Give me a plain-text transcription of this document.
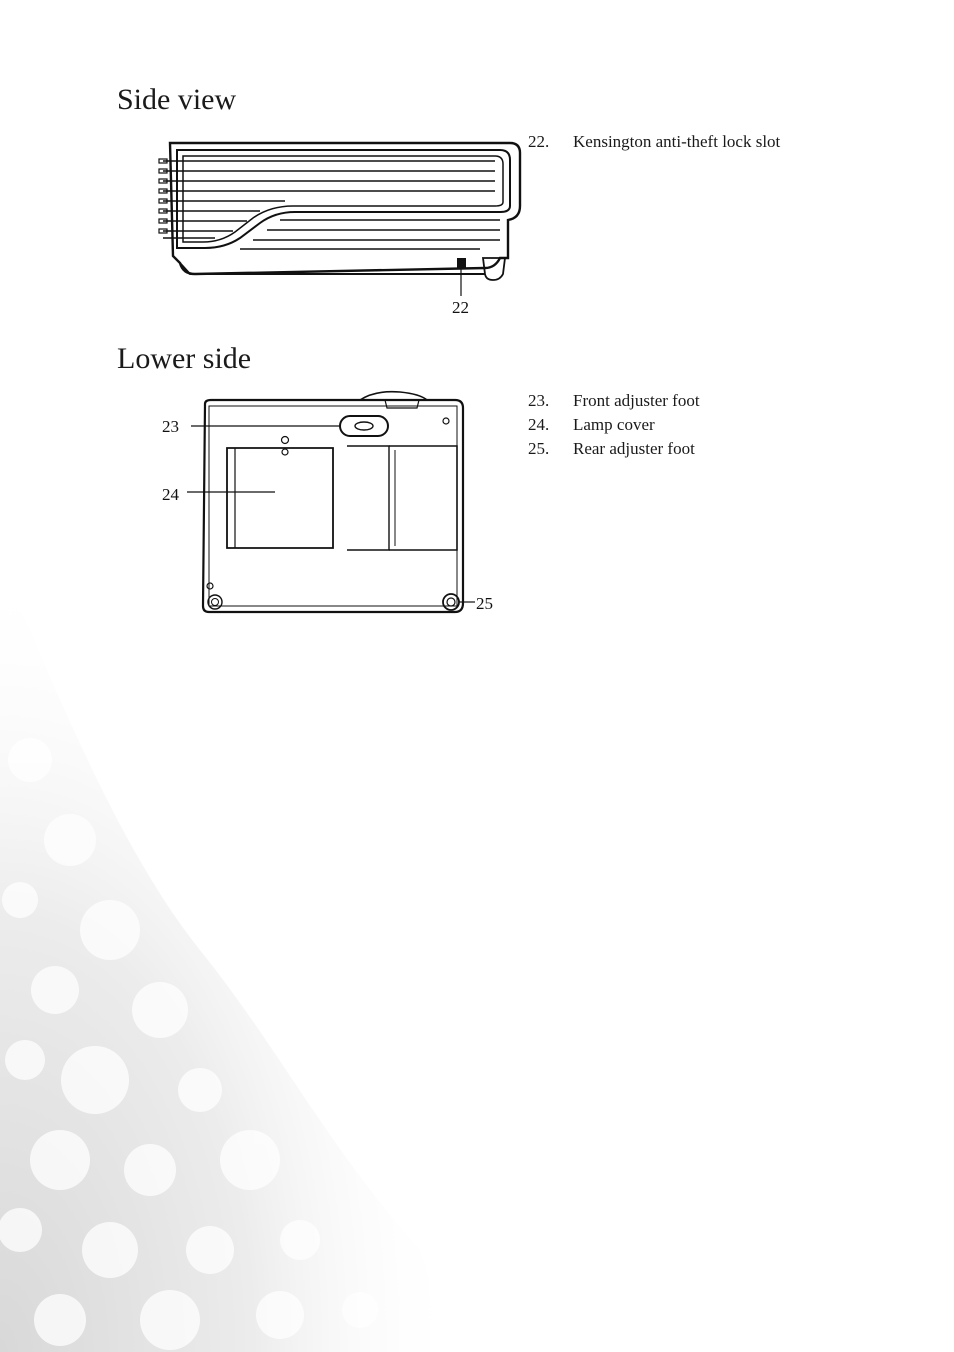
Side view
22
22.	Kensington anti-theft lock slot
Lower side
23
24
25
23.	Front adjuster foot
24.	Lamp cover
25.	Rear adjuster foot
